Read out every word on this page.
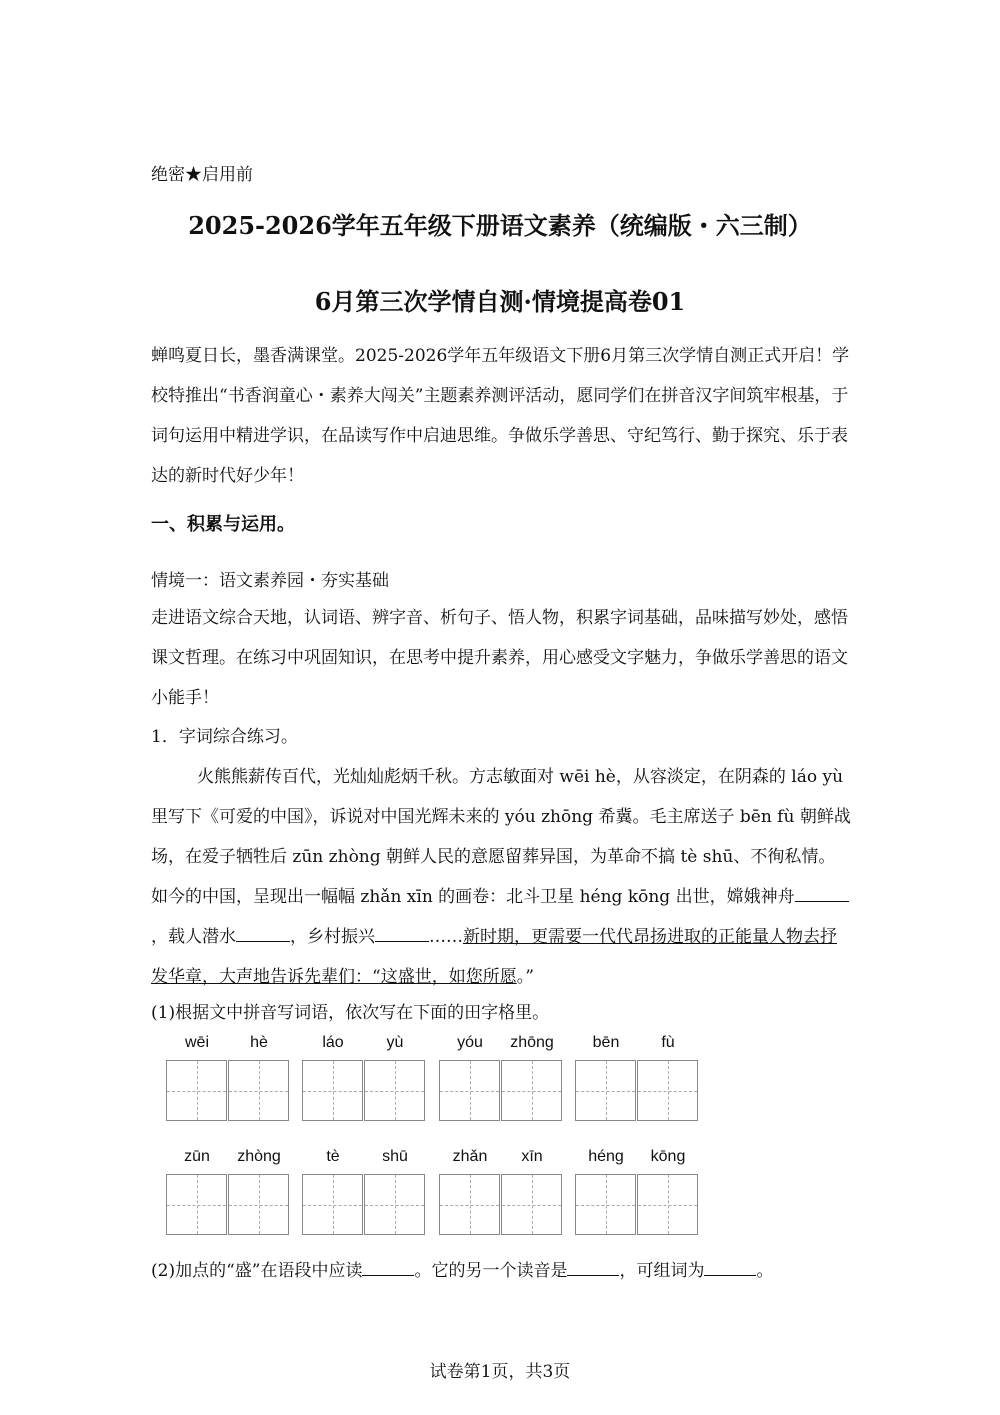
绝密★启用前
2025-2026学年五年级下册语文素养（统编版・六三制）
6月第三次学情自测·情境提高卷01
蝉鸣夏日长，墨香满课堂。2025-2026学年五年级语文下册6月第三次学情自测正式开启！学校特推出“书香润童心・素养大闯关”主题素养测评活动，愿同学们在拼音汉字间筑牢根基，于词句运用中精进学识，在品读写作中启迪思维。争做乐学善思、守纪笃行、勤于探究、乐于表达的新时代好少年！
一、积累与运用。
情境一：语文素养园・夯实基础
走进语文综合天地，认词语、辨字音、析句子、悟人物，积累字词基础，品味描写妙处，感悟课文哲理。在练习中巩固知识，在思考中提升素养，用心感受文字魅力，争做乐学善思的语文小能手！
1．字词综合练习。
火熊熊薪传百代，光灿灿彪炳千秋。方志敏面对 wēi hè，从容淡定，在阴森的 láo yù 里写下《可爱的中国》，诉说对中国光辉未来的 yóu zhōng 希冀。毛主席送子 bēn fù 朝鲜战场，在爱子牺牲后 zūn zhòng 朝鲜人民的意愿留葬异国，为革命不搞 tè shū、不徇私情。如今的中国，呈现出一幅幅 zhǎn xīn 的画卷：北斗卫星 héng kōng 出世，嫦娥神舟，载人潜水	，乡村振兴	……新时期，更需要一代代昂扬进取的正能量人物去抒发华章，大声地告诉先辈们：“这盛世，如您所愿。”
(1)根据文中拼音写词语，依次写在下面的田字格里。
wēi	hè	láo	yù	yóu	zhōng	bēn	fù
zūn	zhòng	tè	shū	zhǎn	xīn	héng	kōng
(2)加点的“盛”在语段中应读	。它的另一个读音是	，可组词为	。
试卷第1页，共3页
